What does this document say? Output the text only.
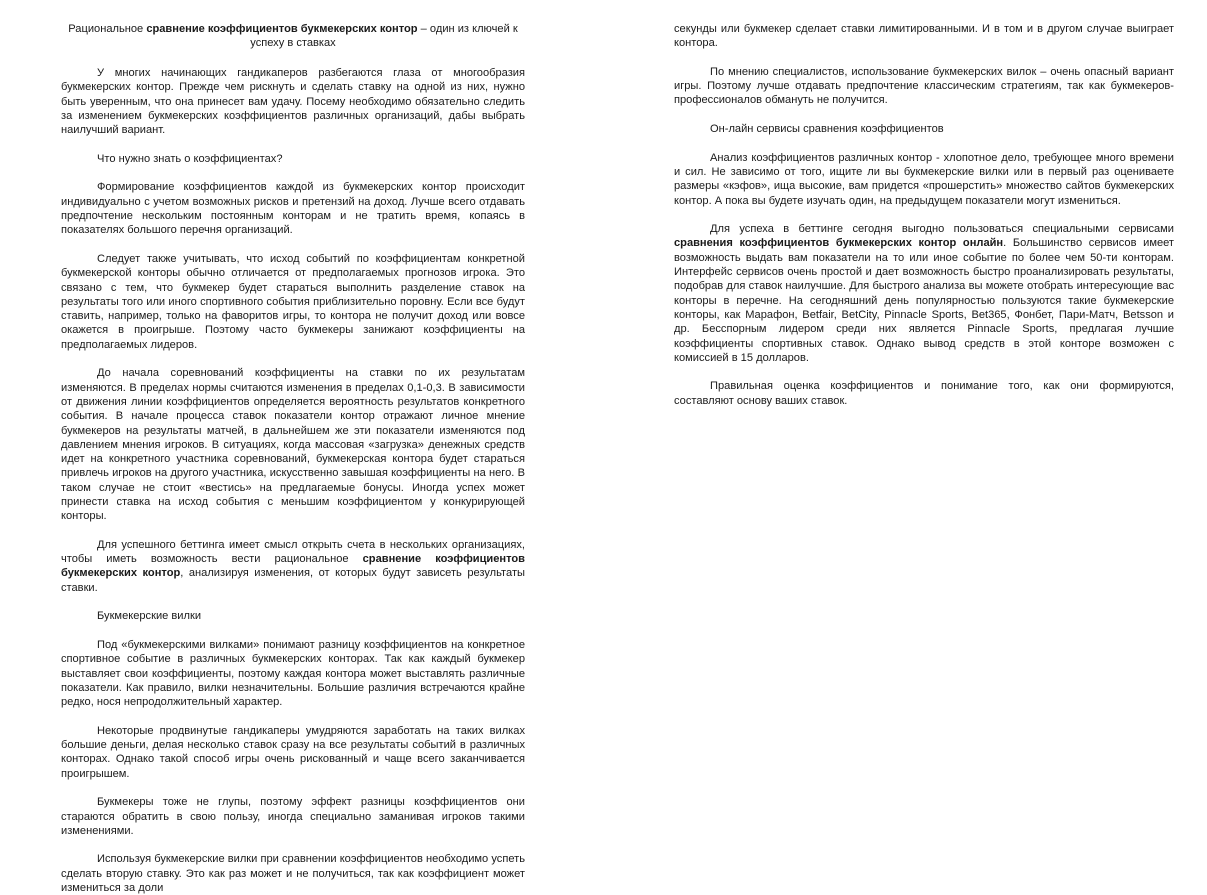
Рациональное сравнение коэффициентов букмекерских контор – один из ключей к успеху в ставках

У многих начинающих гандикаперов разбегаются глаза от многообразия букмекерских контор. Прежде чем рискнуть и сделать ставку на одной из них, нужно быть уверенным, что она принесет вам удачу. Посему необходимо обязательно следить за изменением букмекерских коэффициентов различных организаций, дабы выбрать наилучший вариант.

Что нужно знать о коэффициентах?

Формирование коэффициентов каждой из букмекерских контор происходит индивидуально с учетом возможных рисков и претензий на доход. Лучше всего отдавать предпочтение нескольким постоянным конторам и не тратить время, копаясь в показателях большого перечня организаций.

Следует также учитывать, что исход событий по коэффициентам конкретной букмекерской конторы обычно отличается от предполагаемых прогнозов игрока. Это связано с тем, что букмекер будет стараться выполнить разделение ставок на результаты того или иного спортивного события приблизительно поровну. Если все будут ставить, например, только на фаворитов игры, то контора не получит доход или вовсе окажется в проигрыше. Поэтому часто букмекеры занижают коэффициенты на предполагаемых лидеров.

До начала соревнований коэффициенты на ставки по их результатам изменяются. В пределах нормы считаются изменения в пределах 0,1-0,3. В зависимости от движения линии коэффициентов определяется вероятность результатов конкретного события. В начале процесса ставок показатели контор отражают личное мнение букмекеров на результаты матчей, в дальнейшем же эти показатели изменяются под давлением мнения игроков. В ситуациях, когда массовая «загрузка» денежных средств идет на конкретного участника соревнований, букмекерская контора будет стараться привлечь игроков на другого участника, искусственно завышая коэффициенты на него. В таком случае не стоит «вестись» на предлагаемые бонусы. Иногда успех может принести ставка на исход события с меньшим коэффициентом у конкурирующей конторы.

Для успешного беттинга имеет смысл открыть счета в нескольких организациях, чтобы иметь возможность вести рациональное сравнение коэффициентов букмекерских контор, анализируя изменения, от которых будут зависеть результаты ставки.

Букмекерские вилки

Под «букмекерскими вилками» понимают разницу коэффициентов на конкретное спортивное событие в различных букмекерских конторах. Так как каждый букмекер выставляет свои коэффициенты, поэтому каждая контора может выставлять различные показатели. Как правило, вилки незначительны. Большие различия встречаются крайне редко, нося непродолжительный характер.

Некоторые продвинутые гандикаперы умудряются заработать на таких вилках большие деньги, делая несколько ставок сразу на все результаты событий в различных конторах. Однако такой способ игры очень рискованный и чаще всего заканчивается проигрышем.

Букмекеры тоже не глупы, поэтому эффект разницы коэффициентов они стараются обратить в свою пользу, иногда специально заманивая игроков такими изменениями.

Используя букмекерские вилки при сравнении коэффициентов необходимо успеть сделать вторую ставку. Это как раз может и не получиться, так как коэффициент может измениться за доли

секунды или букмекер сделает ставки лимитированными. И в том и в другом случае выиграет контора.

По мнению специалистов, использование букмекерских вилок – очень опасный вариант игры. Поэтому лучше отдавать предпочтение классическим стратегиям, так как букмекеров-профессионалов обмануть не получится.

Он-лайн сервисы сравнения коэффициентов

Анализ коэффициентов различных контор - хлопотное дело, требующее много времени и сил. Не зависимо от того, ищите ли вы букмекерские вилки или в первый раз оцениваете размеры «кэфов», ища высокие, вам придется «прошерстить» множество сайтов букмекерских контор. А пока вы будете изучать один, на предыдущем показатели могут измениться.

Для успеха в беттинге сегодня выгодно пользоваться специальными сервисами сравнения коэффициентов букмекерских контор онлайн. Большинство сервисов имеет возможность выдать вам показатели на то или иное событие по более чем 50-ти конторам. Интерфейс сервисов очень простой и дает возможность быстро проанализировать результаты, подобрав для ставок наилучшие. Для быстрого анализа вы можете отобрать интересующие вас конторы в перечне. На сегодняшний день популярностью пользуются такие букмекерские конторы, как Марафон, Betfair, BetCity, Pinnacle Sports, Bet365, Фонбет, Пари-Матч, Betsson и др. Бесспорным лидером среди них является Pinnacle Sports, предлагая лучшие коэффициенты спортивных ставок. Однако вывод средств в этой конторе возможен с комиссией в 15 долларов.

Правильная оценка коэффициентов и понимание того, как они формируются, составляют основу ваших ставок.
